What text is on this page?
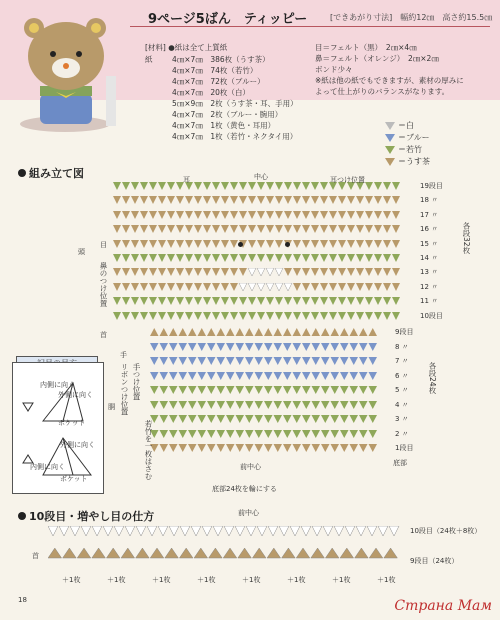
9ページ5ばん　ティッピー	[できあがり寸法]　幅約12㎝　高さ約15.5㎝
[材料] ●紙は全て上質紙
紙	4㎝×7㎝　386枚（うす茶）
4㎝×7㎝　74枚（若竹）
4㎝×7㎝　72枚（ブルー）
4㎝×7㎝　20枚（白）
5㎝×9㎝　2枚（うす茶・耳、手用）
4㎝×7㎝　2枚（ブルー・腕用）
4㎝×7㎝　1枚（黄色・耳用）
4㎝×7㎝　1枚（若竹・ネクタイ用）
目＝フェルト（黒）　2㎝×4㎝
鼻＝フェルト（オレンジ）　2㎝×2㎝
ボンド少々
※紙は他の紙でもできますが、素材の厚みに
よって仕上がりのバランスがなります。
＝白
＝ブルー
＝若竹
＝うす茶
組み立て図
19段目
18 〃
17 〃
16 〃
15 〃
14 〃
13 〃
12 〃
11 〃
10段目
9段目
8 〃
7 〃
6 〃
5 〃
4 〃
3 〃
2 〃
1段目
耳	中心	耳つけ位置
頭
目
鼻のつけ位置
各段32枚
首
手
リボンつけ位置 手つけ位置
若竹を一枚はさむ
胴
各段24枚
前中心
底部24枚を輪にする
底部
内側に向く
外側に向く
ポケット
外側に向く
内側に向く
ポケット
10段目・増やし目の仕方	前中心
首
10段目（24枚＋8枚）
9段目（24枚）
＋1枚	＋1枚	＋1枚	＋1枚	＋1枚	＋1枚	＋1枚	＋1枚
18	Страна Мам
